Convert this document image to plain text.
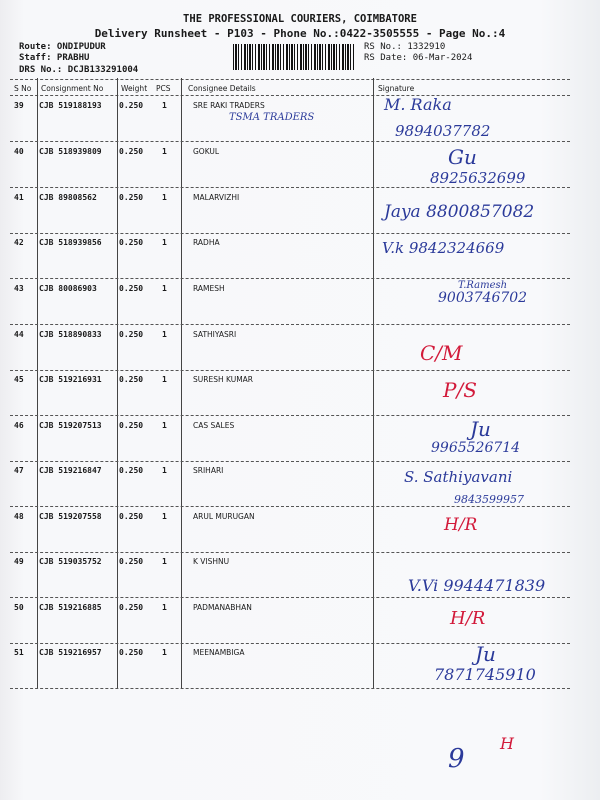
THE PROFESSIONAL COURIERS, COIMBATORE
Delivery Runsheet - P103 - Phone No.:0422-3505555 - Page No.:4
Route: ONDIPUDUR
Staff: PRABHU
DRS No.: DCJB133291004
RS No.: 1332910
RS Date: 06-Mar-2024
S No Consignment No Weight PCS Consignee Details	Signature
39 CJB 519188193 0.250 1	SRE RAKI TRADERS	M. Raka
9894037782
TSMA TRADERS
40 CJB 518939809 0.250 1	GOKUL	Gu
8925632699
41 CJB 89808562	0.250 1	MALARVIZHI
Jaya 8800857082
42 CJB 518939856 0.250 1	RADHA	V.k 9842324669
43 CJB 80086903	0.250 1	RAMESH	T.Ramesh
9003746702
44 CJB 518890833 0.250 1	SATHIYASRI
C/M
45 CJB 519216931 0.250 1	SURESH KUMAR	P/S
46 CJB 519207513 0.250 1	CAS SALES	Ju
9965526714
47 CJB 519216847 0.250 1	SRIHARI	S. Sathiyavani
9843599957
48 CJB 519207558 0.250 1	ARUL MURUGAN	H/R
49 CJB 519035752 0.250 1	K VISHNU
V.Vi 9944471839
50 CJB 519216885 0.250 1	PADMANABHAN
H/R
51 CJB 519216957 0.250 1	MEENAMBIGA	Ju
7871745910
9
H
